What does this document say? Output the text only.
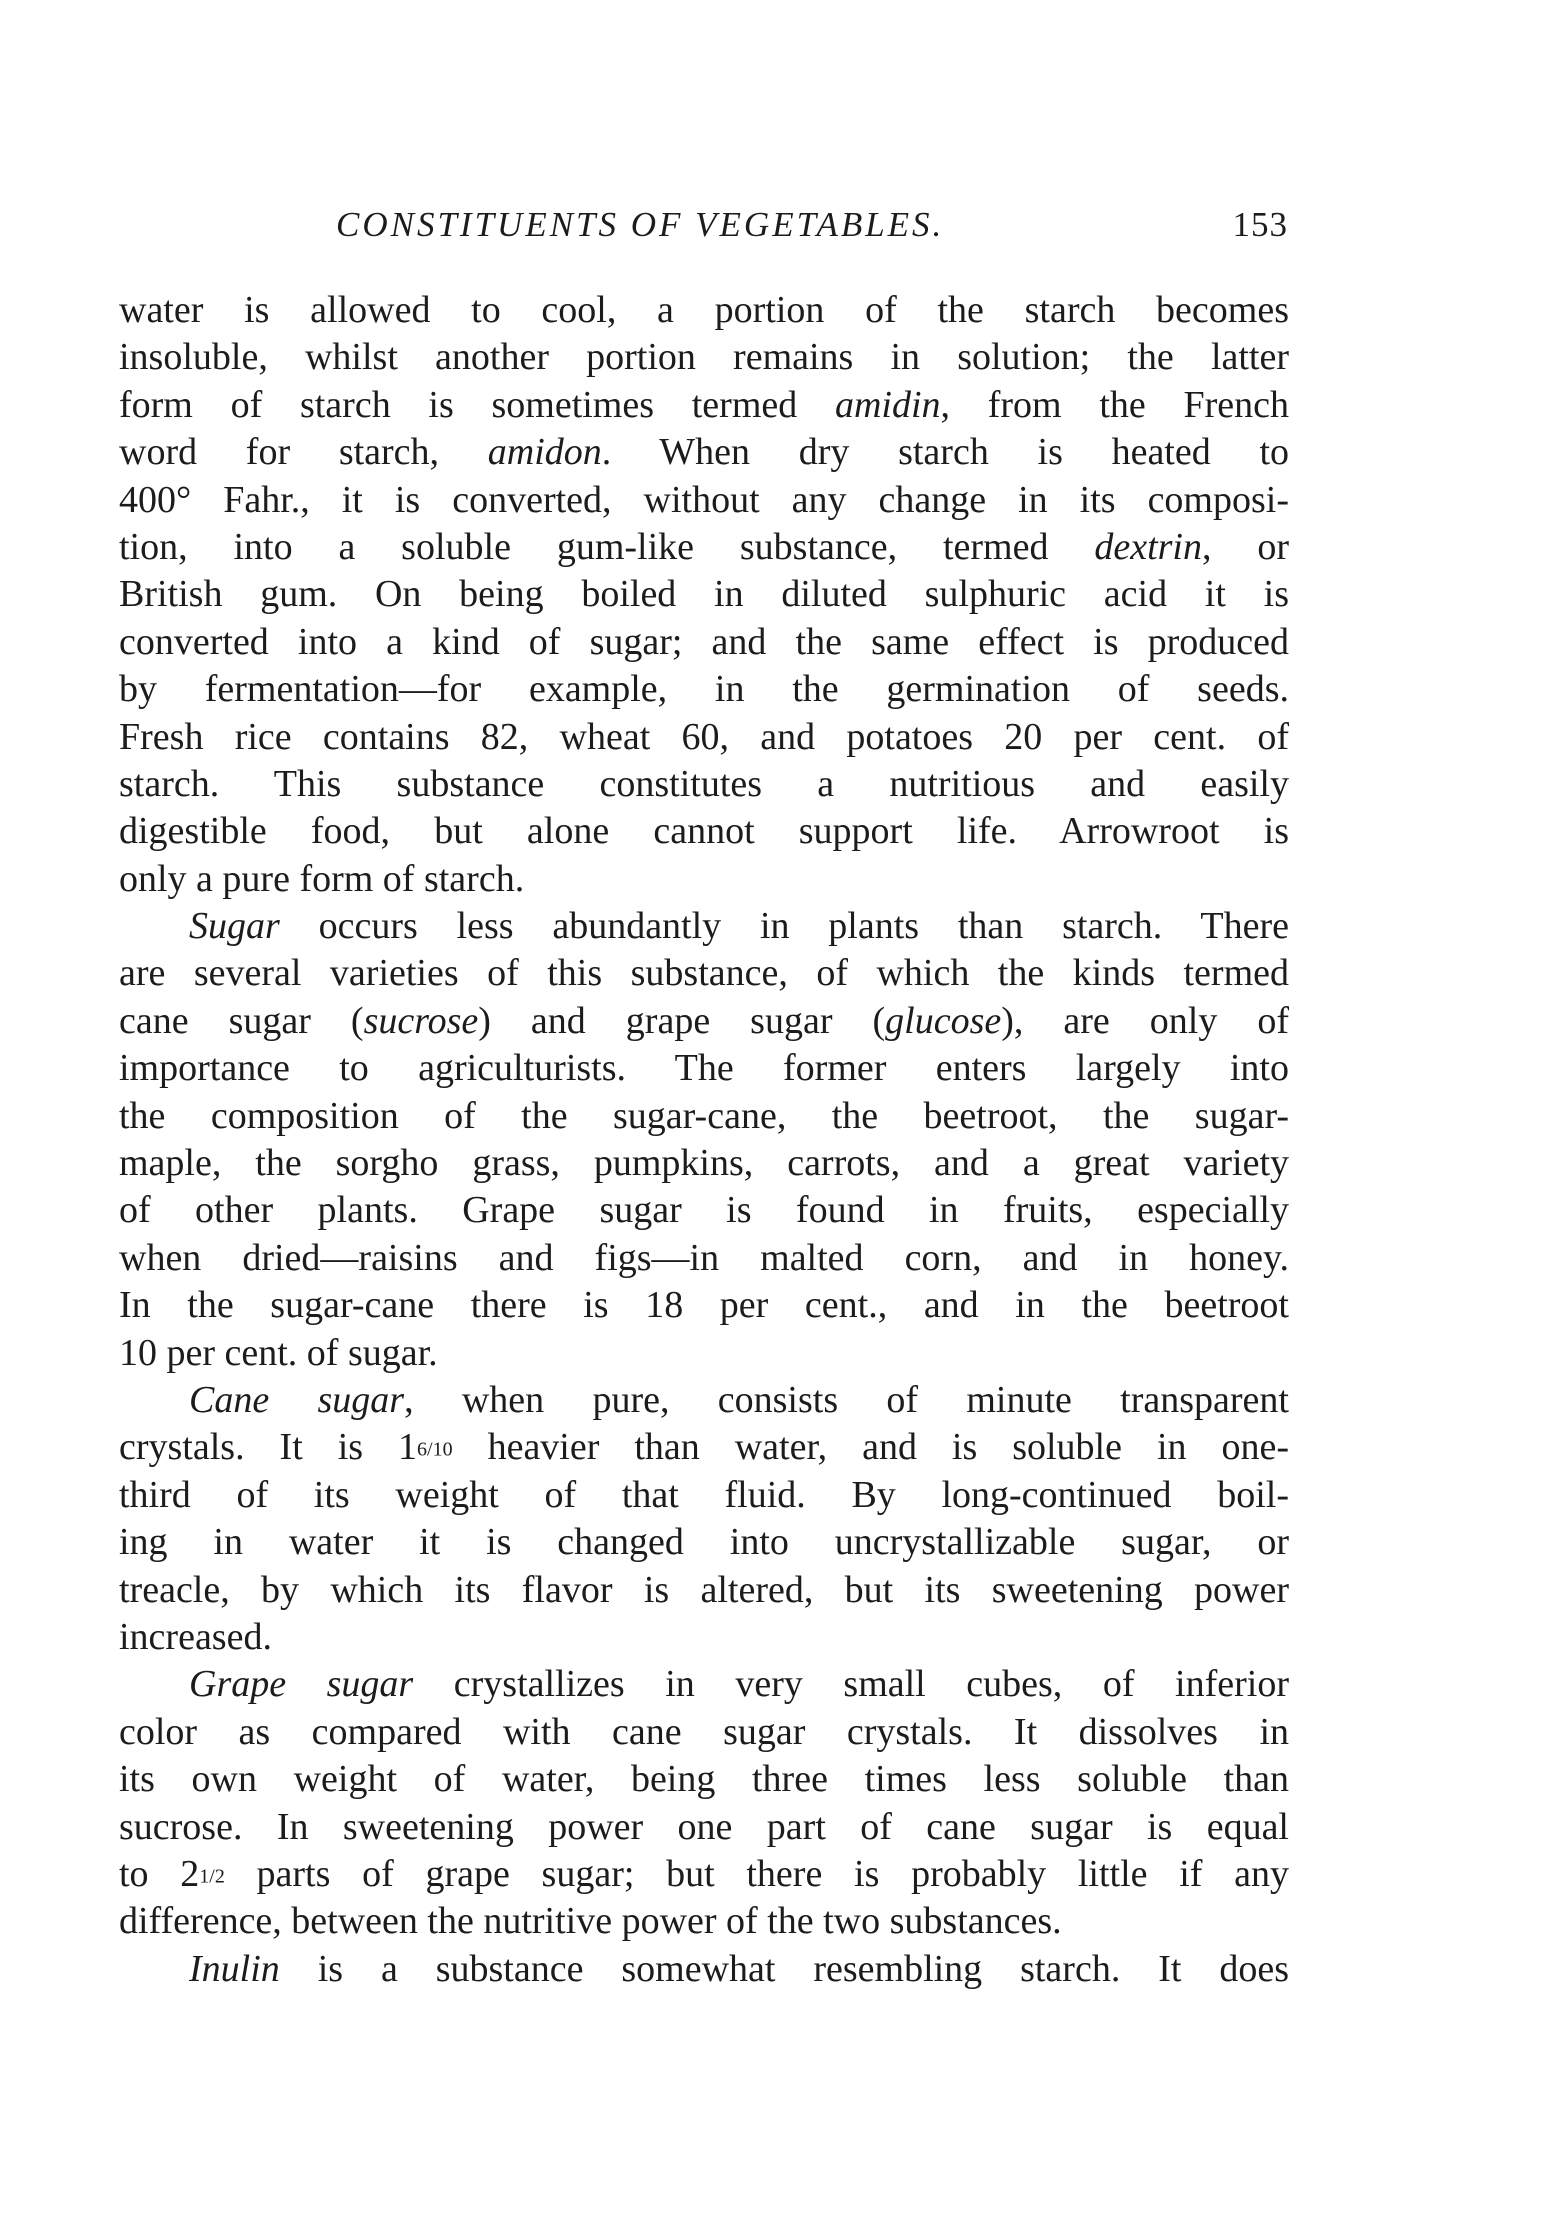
CONSTITUENTS OF VEGETABLES.	153
water is allowed to cool, a portion of the starch becomes
insoluble, whilst another portion remains in solution; the latter
form of starch is sometimes termed amidin, from the French
word for starch, amidon. When dry starch is heated to
400° Fahr., it is converted, without any change in its composi-
tion, into a soluble gum-like substance, termed dextrin, or
British gum. On being boiled in diluted sulphuric acid it is
converted into a kind of sugar; and the same effect is produced
by fermentation—for example, in the germination of seeds.
Fresh rice contains 82, wheat 60, and potatoes 20 per cent. of
starch. This substance constitutes a nutritious and easily
digestible food, but alone cannot support life. Arrowroot is
only a pure form of starch.
Sugar occurs less abundantly in plants than starch. There
are several varieties of this substance, of which the kinds termed
cane sugar (sucrose) and grape sugar (glucose), are only of
importance to agriculturists. The former enters largely into
the composition of the sugar-cane, the beetroot, the sugar-
maple, the sorgho grass, pumpkins, carrots, and a great variety
of other plants. Grape sugar is found in fruits, especially
when dried—raisins and figs—in malted corn, and in honey.
In the sugar-cane there is 18 per cent., and in the beetroot
10 per cent. of sugar.
Cane sugar, when pure, consists of minute transparent
crystals. It is 16/10 heavier than water, and is soluble in one-
third of its weight of that fluid. By long-continued boil-
ing in water it is changed into uncrystallizable sugar, or
treacle, by which its flavor is altered, but its sweetening power
increased.
Grape sugar crystallizes in very small cubes, of inferior
color as compared with cane sugar crystals. It dissolves in
its own weight of water, being three times less soluble than
sucrose. In sweetening power one part of cane sugar is equal
to 21/2 parts of grape sugar; but there is probably little if any
difference, between the nutritive power of the two substances.
Inulin is a substance somewhat resembling starch. It does
